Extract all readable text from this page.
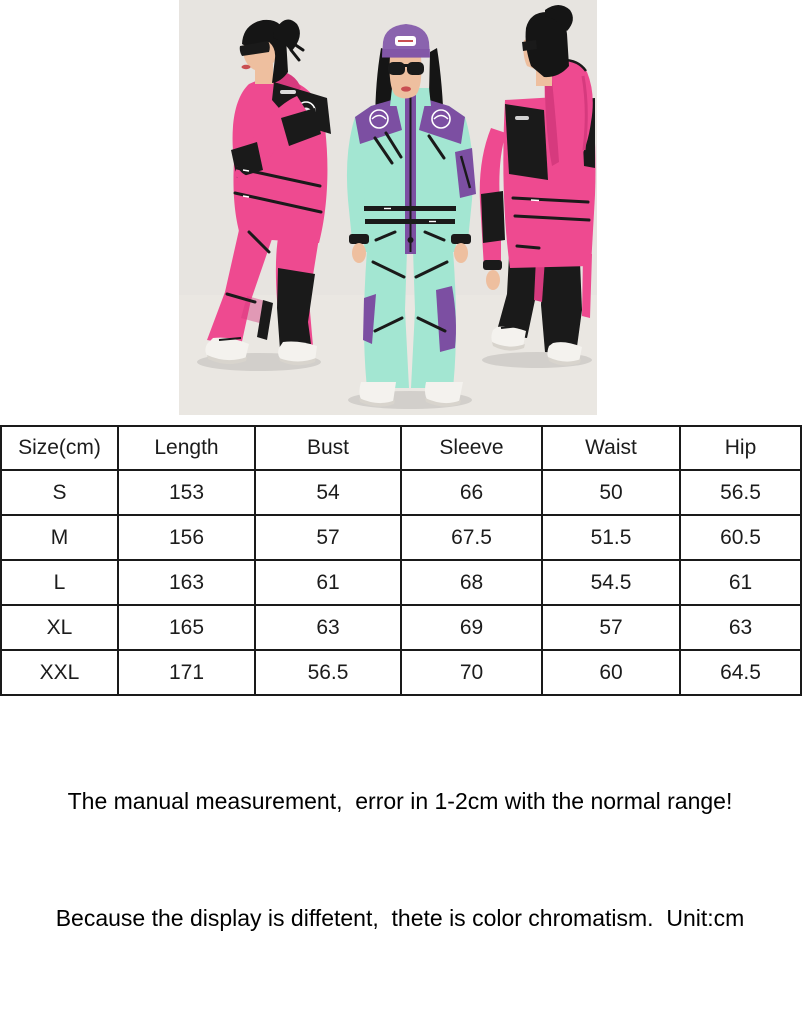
Size(cm)	Length	Bust	Sleeve	Waist	Hip
S	153	54	66	50	56.5
M	156	57	67.5	51.5	60.5
L	163	61	68	54.5	61
XL	165	63	69	57	63
XXL	171	56.5	70	60	64.5

The manual measurement,  error in 1-2cm with the normal range!

Because the display is diffetent,  thete is color chromatism.  Unit:cm
